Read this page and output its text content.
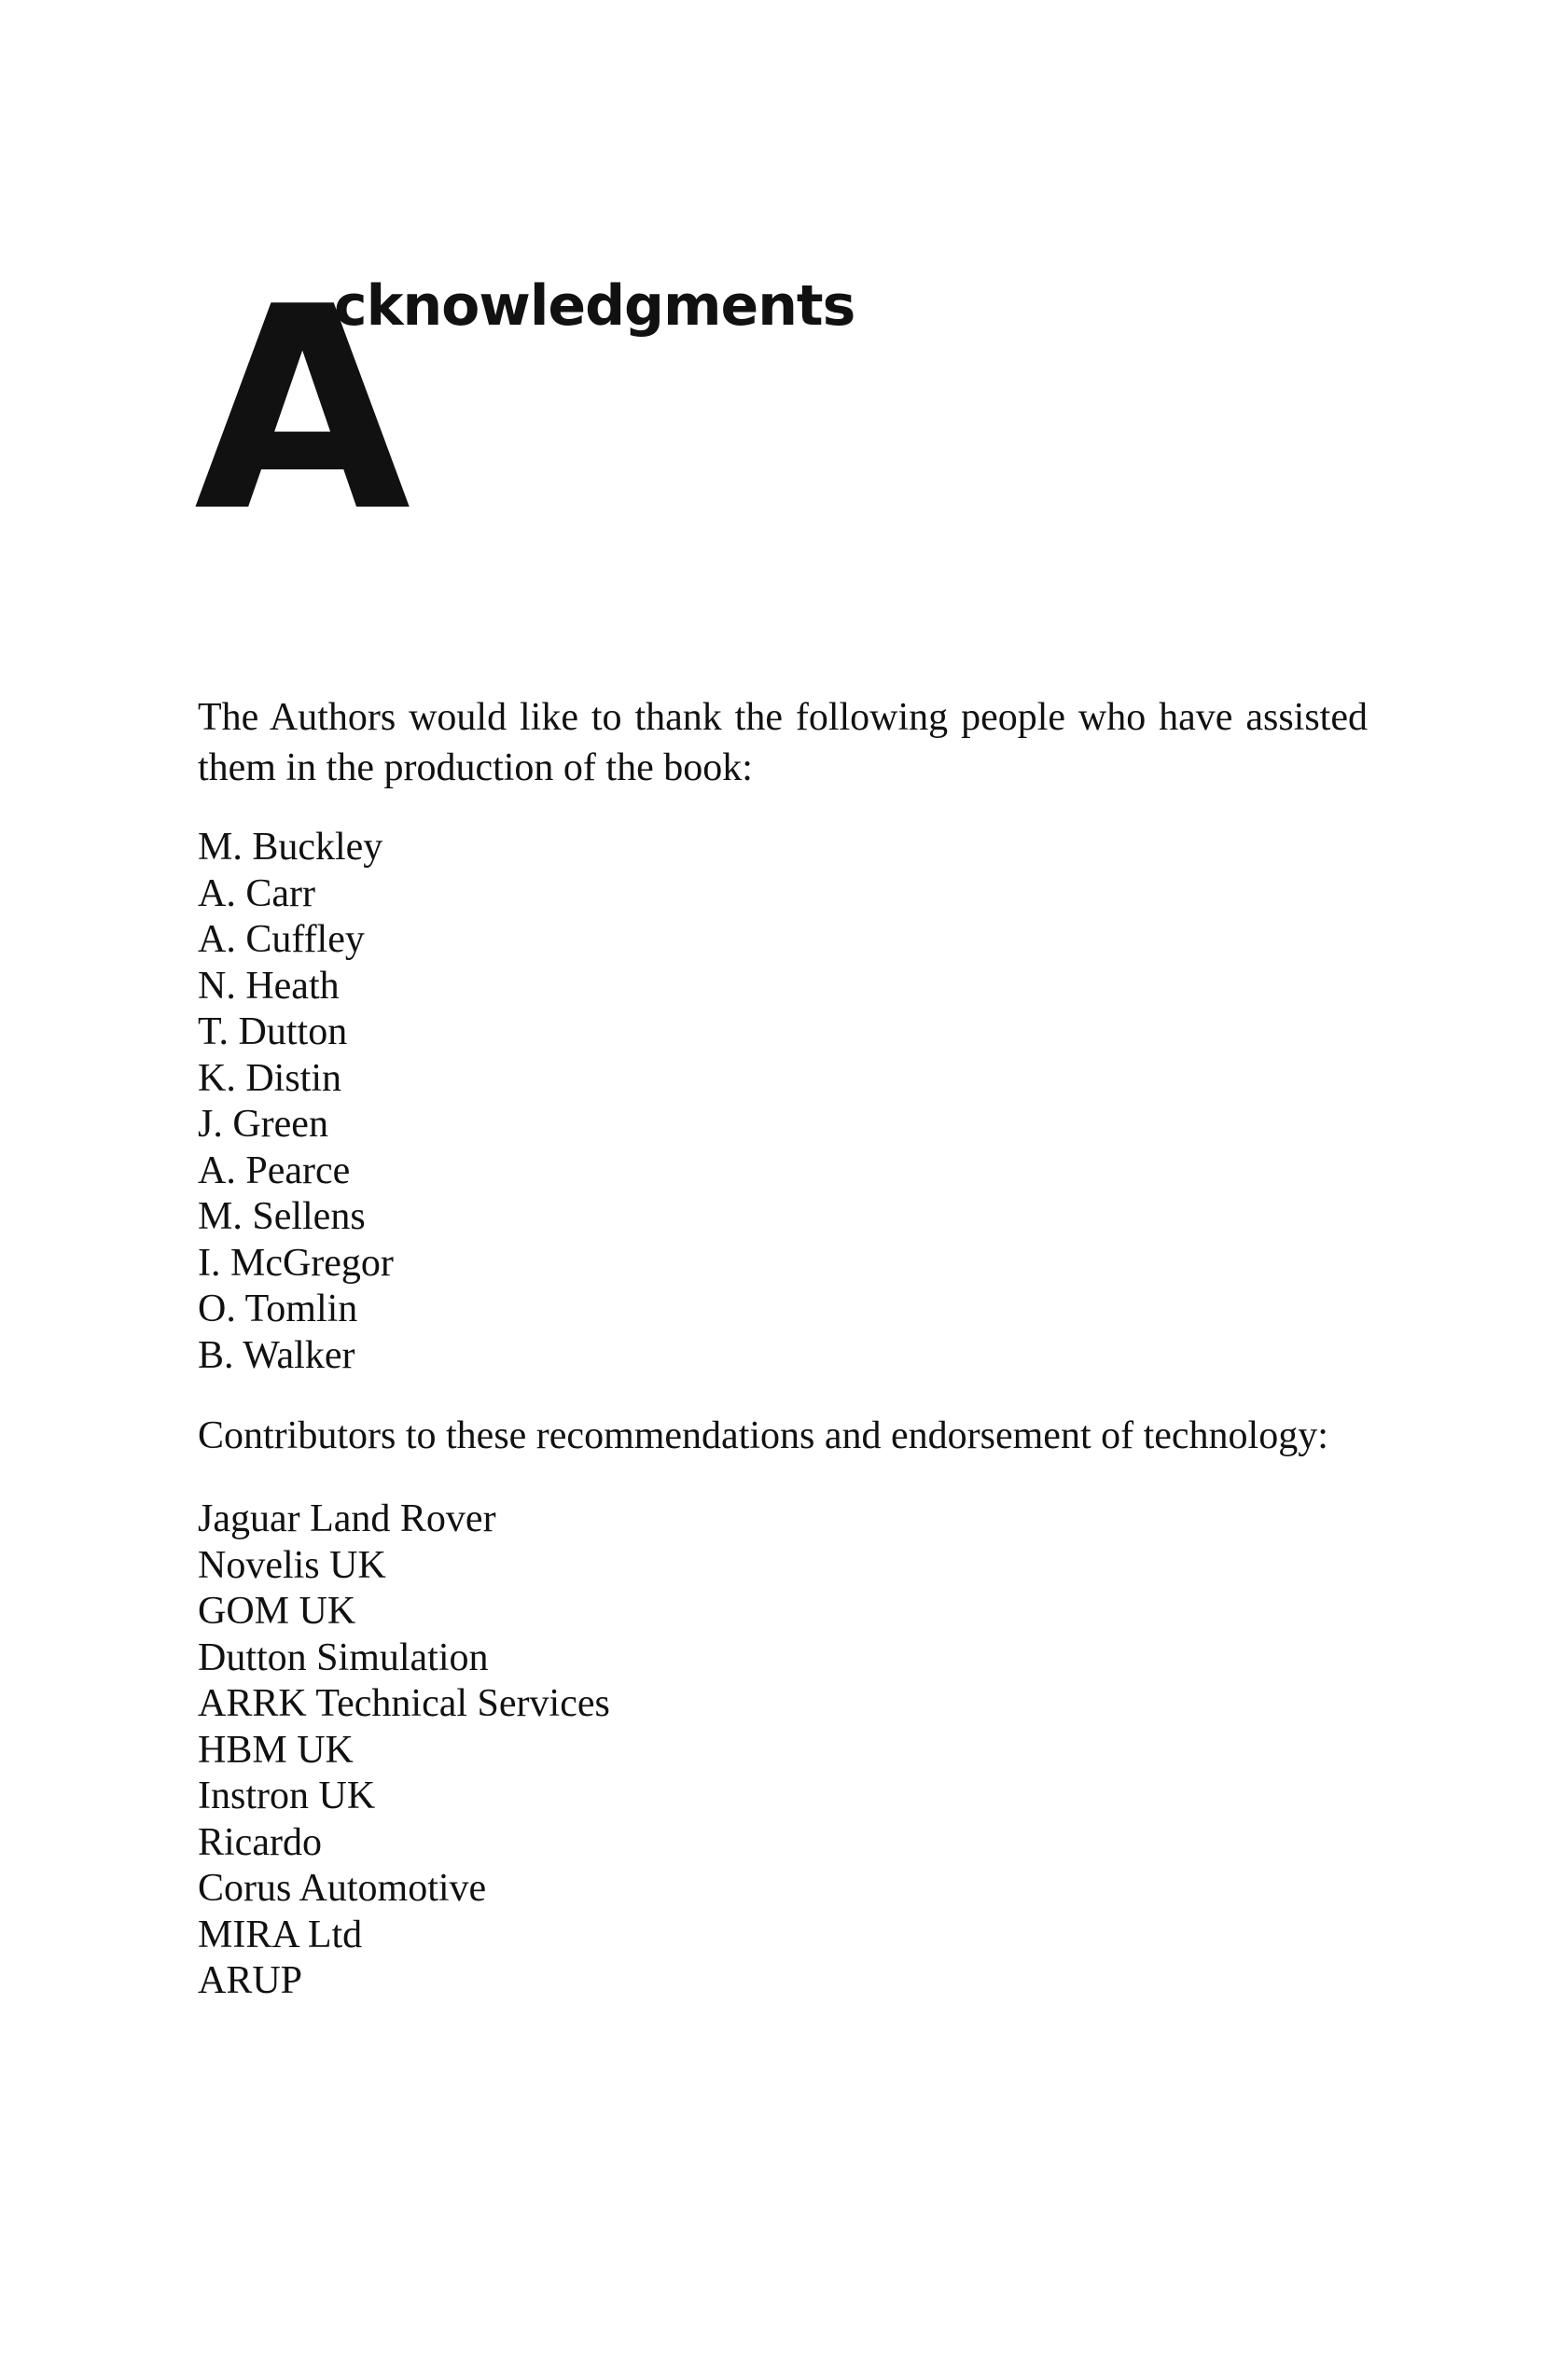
A
cknowledgments

The Authors would like to thank the following people who have assisted them in the production of the book:

M. Buckley
A. Carr
A. Cuffley
N. Heath
T. Dutton
K. Distin
J. Green
A. Pearce
M. Sellens
I. McGregor
O. Tomlin
B. Walker

Contributors to these recommendations and endorsement of technology:

Jaguar Land Rover
Novelis UK
GOM UK
Dutton Simulation
ARRK Technical Services
HBM UK
Instron UK
Ricardo
Corus Automotive
MIRA Ltd
ARUP
